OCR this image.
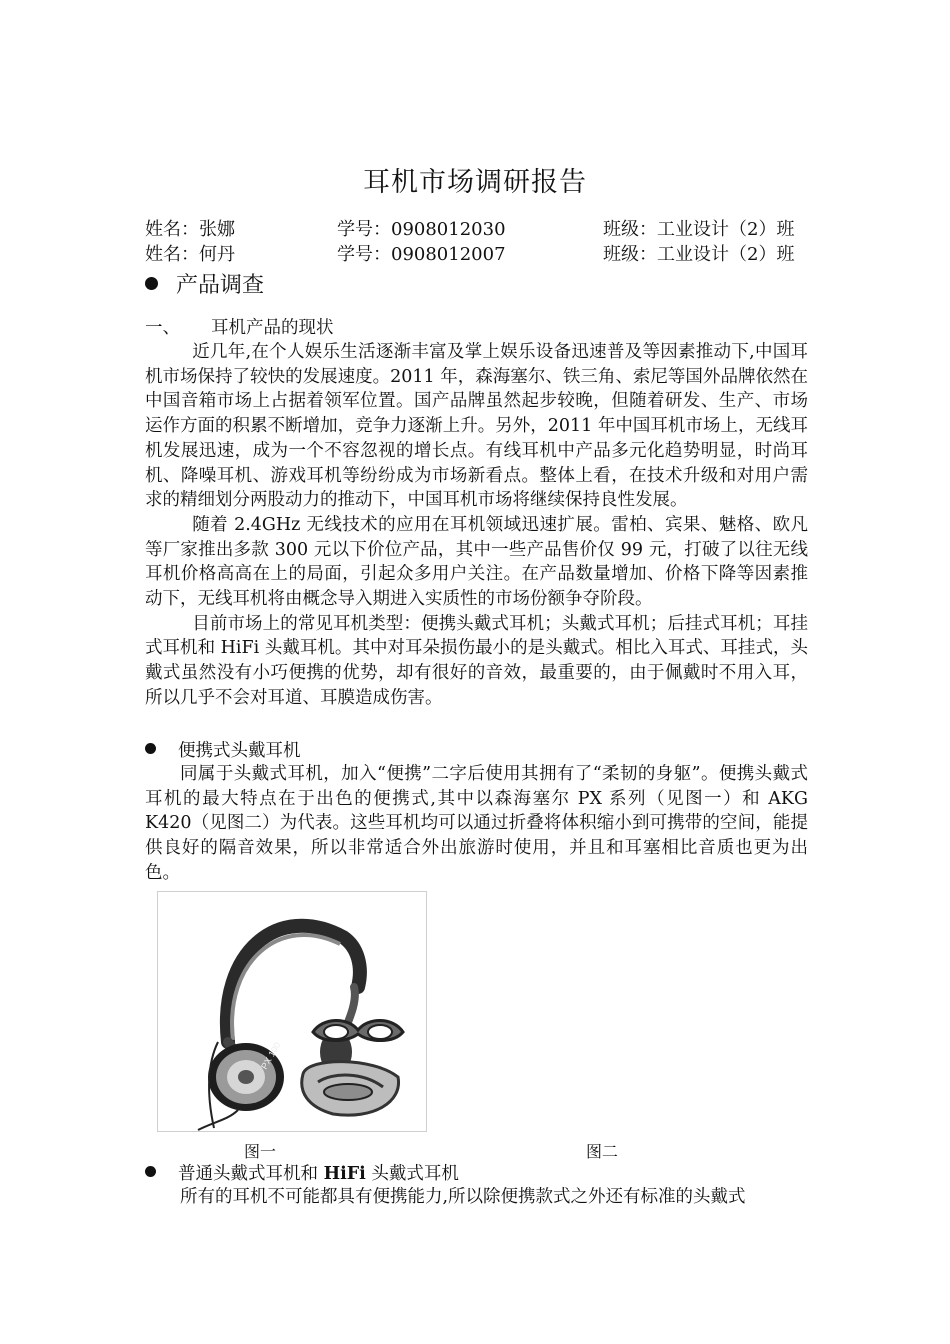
耳机市场调研报告
姓名：张娜	学号：0908012030	班级：工业设计（2）班
姓名：何丹	学号：0908012007	班级：工业设计（2）班
产品调查
一、 耳机产品的现状

近几年,在个人娱乐生活逐渐丰富及掌上娱乐设备迅速普及等因素推动下,中国耳机市场保持了较快的发展速度。2011 年，森海塞尔、铁三角、索尼等国外品牌依然在中国音箱市场上占据着领军位置。国产品牌虽然起步较晚，但随着研发、生产、市场运作方面的积累不断增加，竞争力逐渐上升。另外，2011 年中国耳机市场上，无线耳机发展迅速，成为一个不容忽视的增长点。有线耳机中产品多元化趋势明显，时尚耳机、降噪耳机、游戏耳机等纷纷成为市场新看点。整体上看，在技术升级和对用户需求的精细划分两股动力的推动下，中国耳机市场将继续保持良性发展。

随着 2.4GHz 无线技术的应用在耳机领域迅速扩展。雷柏、宾果、魅格、欧凡等厂家推出多款 300 元以下价位产品，其中一些产品售价仅 99 元，打破了以往无线耳机价格高高在上的局面，引起众多用户关注。在产品数量增加、价格下降等因素推动下，无线耳机将由概念导入期进入实质性的市场份额争夺阶段。

目前市场上的常见耳机类型：便携头戴式耳机；头戴式耳机；后挂式耳机；耳挂式耳机和 HiFi 头戴耳机。其中对耳朵损伤最小的是头戴式。相比入耳式、耳挂式，头戴式虽然没有小巧便携的优势，却有很好的音效，最重要的，由于佩戴时不用入耳，所以几乎不会对耳道、耳膜造成伤害。

便携式头戴耳机

同属于头戴式耳机，加入“便携”二字后使用其拥有了“柔韧的身躯”。便携头戴式耳机的最大特点在于出色的便携式,其中以森海塞尔 PX 系列（见图一）和 AKG K420（见图二）为代表。这些耳机均可以通过折叠将体积缩小到可携带的空间，能提供良好的隔音效果，所以非常适合外出旅游时使用，并且和耳塞相比音质也更为出色。

PX 100
图一	图二
普通头戴式耳机和 HiFi 头戴式耳机

所有的耳机不可能都具有便携能力,所以除便携款式之外还有标准的头戴式
